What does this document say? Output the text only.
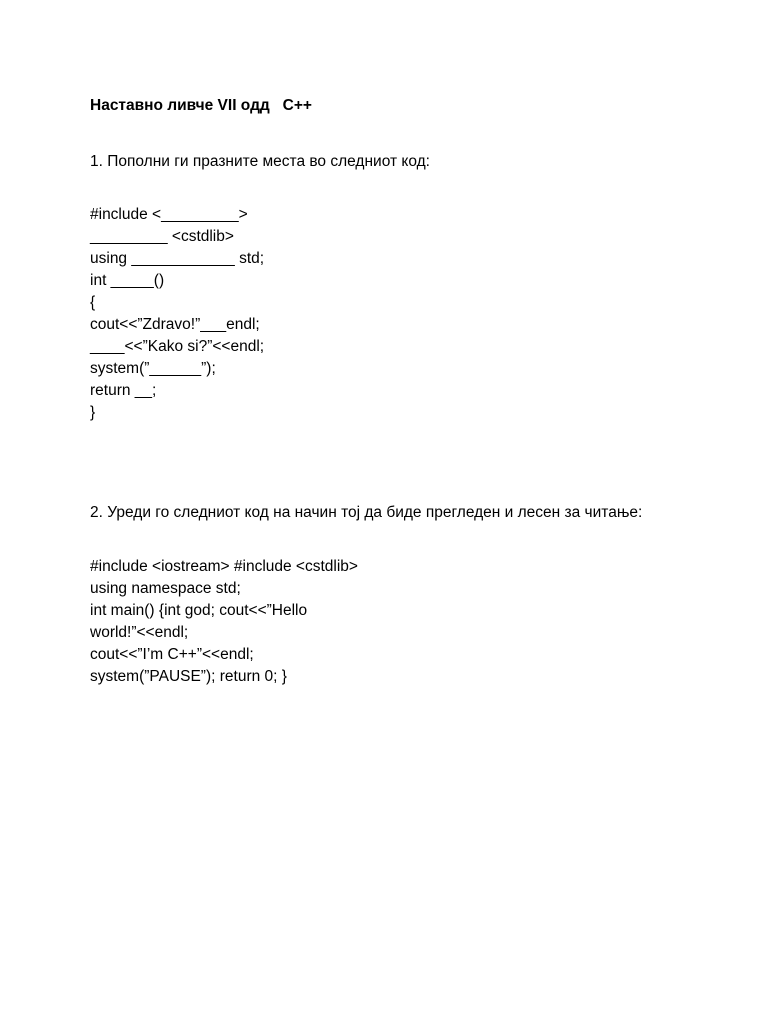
Наставно ливче VII одд   C++
1. Пополни ги празните места во следниот код:
#include <_________>
_________ <cstdlib>
using ____________ std;
int _____()
{
cout<<”Zdravo!”___endl;
____<<”Kako si?”<<endl;
system(”______”);
return __;
}
2. Уреди го следниот код на начин тој да биде прегледен и лесен за читање:
#include <iostream> #include <cstdlib>
using namespace std;
int main() {int god; cout<<”Hello
world!”<<endl;
cout<<”I’m C++”<<endl;
system(”PAUSE”); return 0; }
